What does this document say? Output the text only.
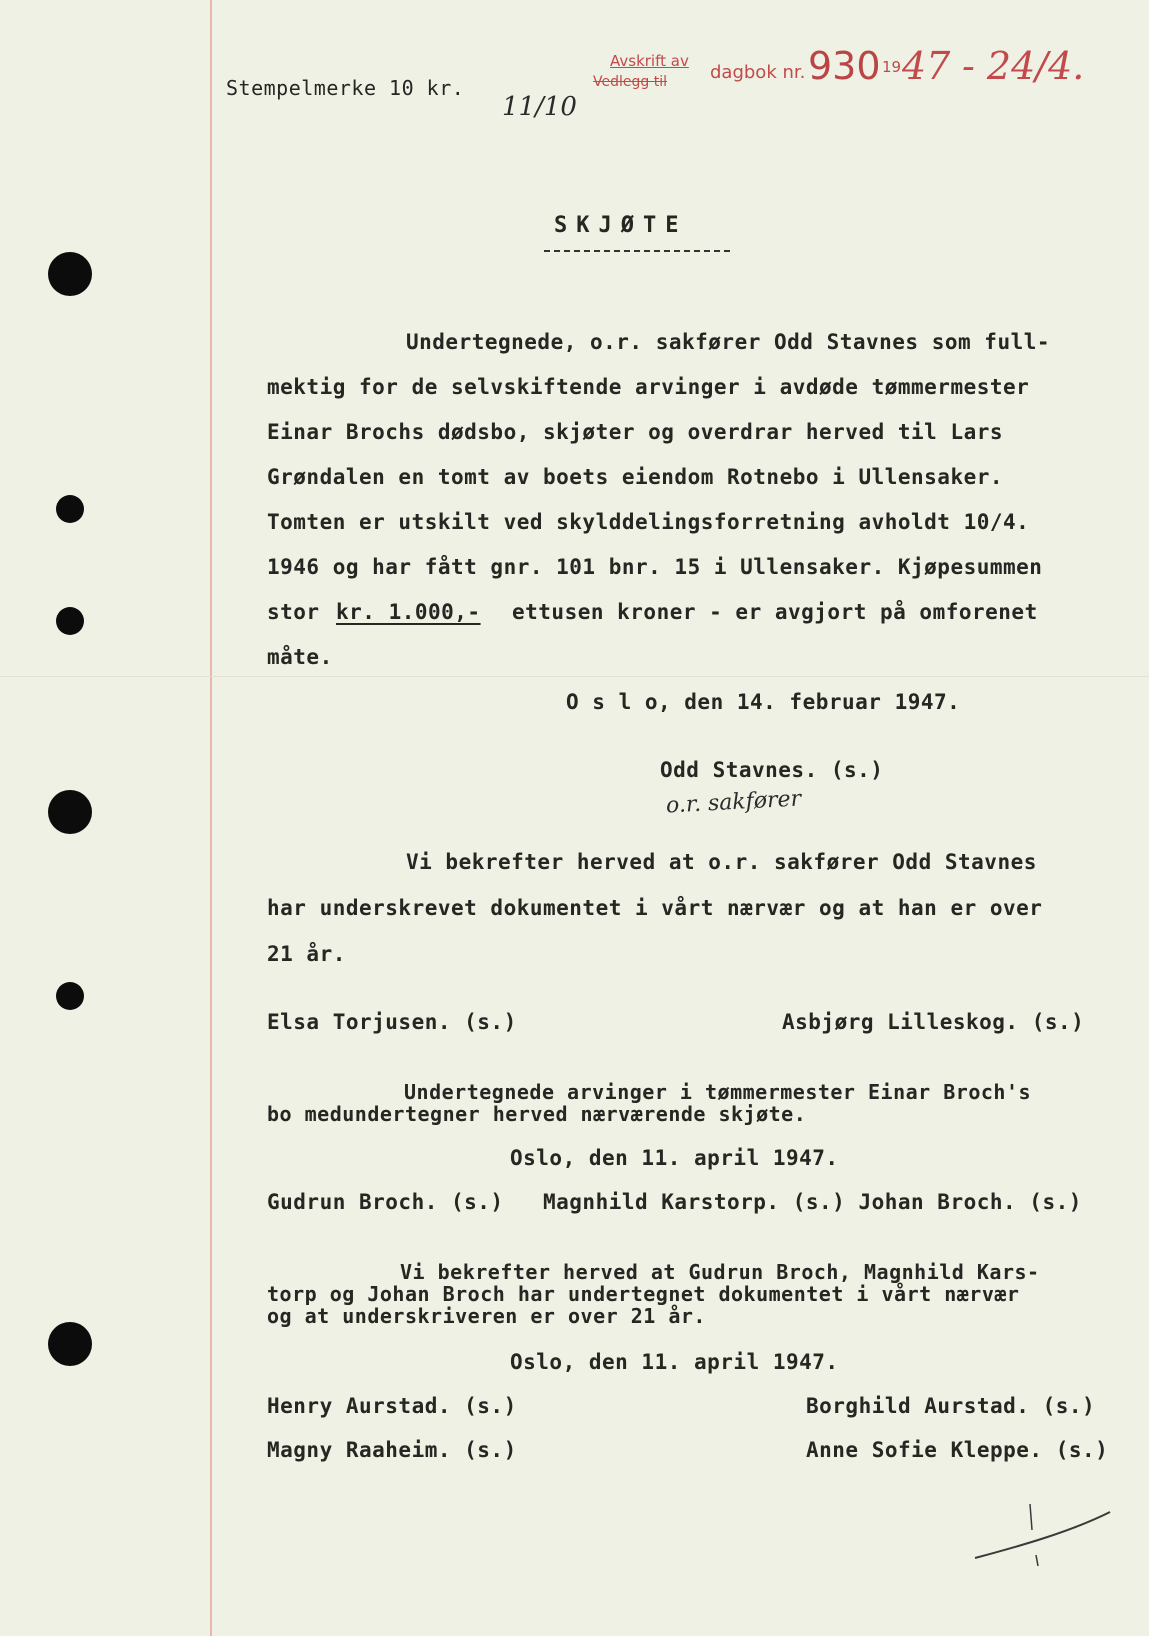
Stempelmerke 10 kr.
11/10
Avskrift av
Vedlegg til dagbok nr. 930 19 47 - 24/4.
SKJØTE
Undertegnede, o.r. sakfører Odd Stavnes som full-
mektig for de selvskiftende arvinger i avdøde tømmermester
Einar Brochs dødsbo, skjøter og overdrar herved til Lars
Grøndalen en tomt av boets eiendom Rotnebo i Ullensaker.
Tomten er utskilt ved skylddelingsforretning avholdt 10/4.
1946 og har fått gnr. 101 bnr. 15 i Ullensaker. Kjøpesummen
stor kr. 1.000,- ettusen kroner - er avgjort på omforenet
måte.
O s l o, den 14. februar 1947.
Odd Stavnes. (s.)
o.r. sakfører
Vi bekrefter herved at o.r. sakfører Odd Stavnes
har underskrevet dokumentet i vårt nærvær og at han er over
21 år.
Elsa Torjusen. (s.)	Asbjørg Lilleskog. (s.)
Undertegnede arvinger i tømmermester Einar Broch's
bo medundertegner herved nærværende skjøte.
Oslo, den 11. april 1947.
Gudrun Broch. (s.)   Magnhild Karstorp. (s.) Johan Broch. (s.)
Vi bekrefter herved at Gudrun Broch, Magnhild Kars-
torp og Johan Broch har undertegnet dokumentet i vårt nærvær
og at underskriveren er over 21 år.
Oslo, den 11. april 1947.
Henry Aurstad. (s.)	Borghild Aurstad. (s.)
Magny Raaheim. (s.)	Anne Sofie Kleppe. (s.)
